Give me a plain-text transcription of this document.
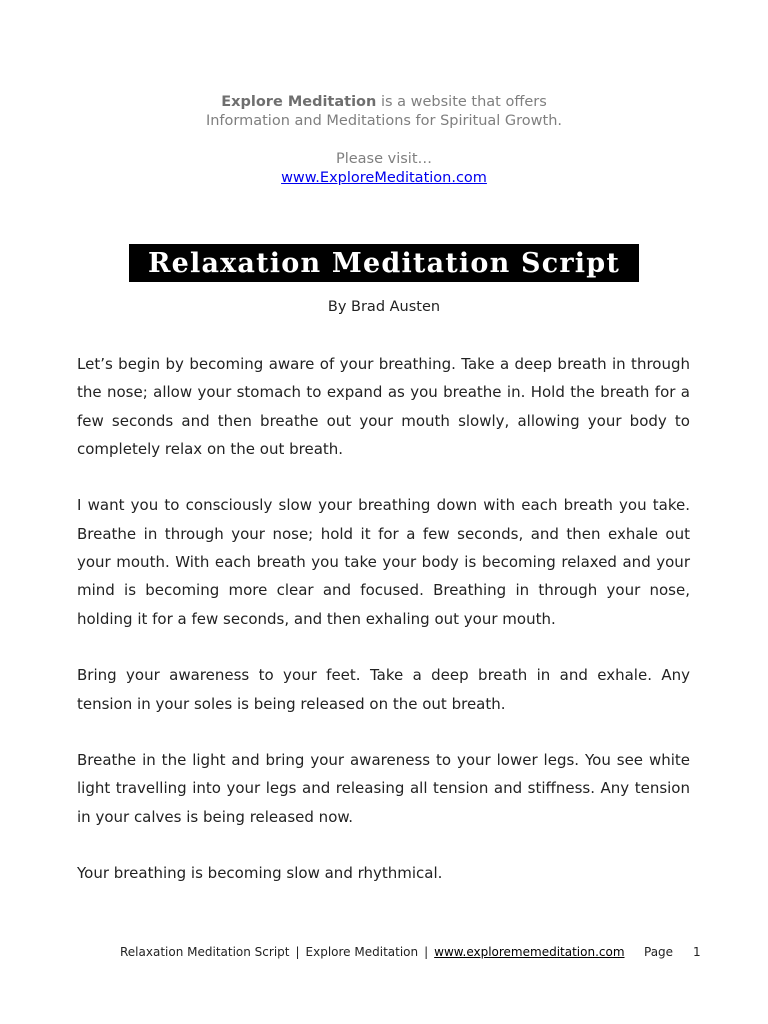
Explore Meditation is a website that offers
Information and Meditations for Spiritual Growth.
Please visit…
www.ExploreMeditation.com
Relaxation Meditation Script
By Brad Austen

Let’s begin by becoming aware of your breathing. Take a deep breath in through the nose; allow your stomach to expand as you breathe in. Hold the breath for a few seconds and then breathe out your mouth slowly, allowing your body to completely relax on the out breath.

I want you to consciously slow your breathing down with each breath you take. Breathe in through your nose; hold it for a few seconds, and then exhale out your mouth. With each breath you take your body is becoming relaxed and your mind is becoming more clear and focused. Breathing in through your nose, holding it for a few seconds, and then exhaling out your mouth.

Bring your awareness to your feet. Take a deep breath in and exhale. Any tension in your soles is being released on the out breath.

Breathe in the light and bring your awareness to your lower legs. You see white light travelling into your legs and releasing all tension and stiffness. Any tension in your calves is being released now.

Your breathing is becoming slow and rhythmical.

Relaxation Meditation Script | Explore Meditation | www.explorememeditation.com Page 1
